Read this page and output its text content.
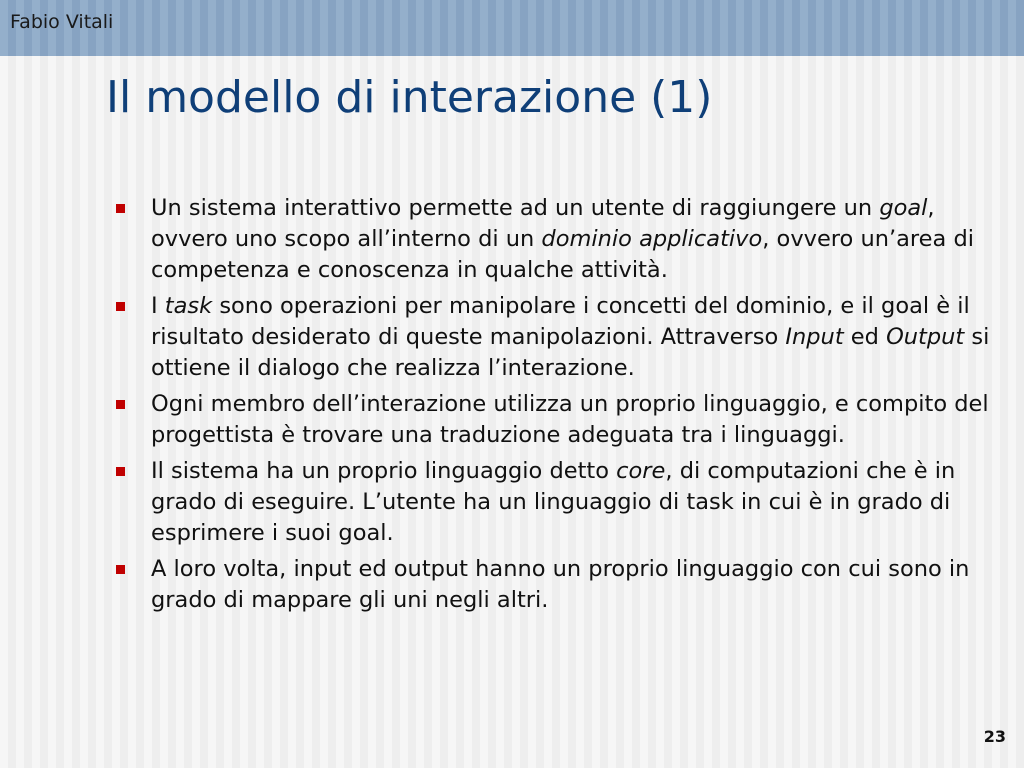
Fabio Vitali
Il modello di interazione (1)
Un sistema interattivo permette ad un utente di raggiungere un goal, ovvero uno scopo all’interno di un dominio applicativo, ovvero un’area di competenza e conoscenza in qualche attività.
I task sono operazioni per manipolare i concetti del dominio, e il goal è il risultato desiderato di queste manipolazioni. Attraverso Input ed Output si ottiene il dialogo che realizza l’interazione.
Ogni membro dell’interazione utilizza un proprio linguaggio, e compito del progettista è trovare una traduzione adeguata tra i linguaggi.
Il sistema ha un proprio linguaggio detto core, di computazioni che è in grado di eseguire. L’utente ha un linguaggio di task in cui è in grado di esprimere i suoi goal.
A loro volta, input ed output hanno un proprio linguaggio con cui sono in grado di mappare gli uni negli altri.
23
